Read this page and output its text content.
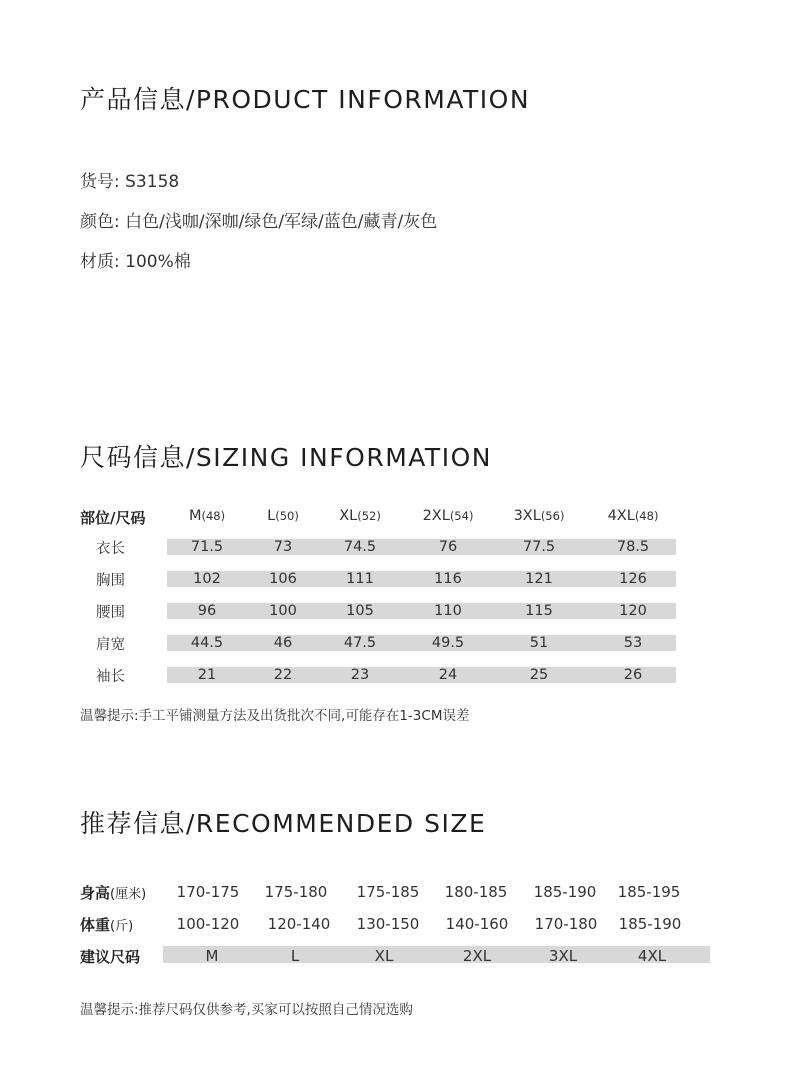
产品信息/PRODUCT INFORMATION
货号: S3158
颜色: 白色/浅咖/深咖/绿色/军绿/蓝色/藏青/灰色
材质: 100%棉
尺码信息/SIZING INFORMATION
部位/尺码	M(48)	L(50)	XL(52)	2XL(54)	3XL(56)	4XL(48)
衣长	71.5	73	74.5	76	77.5	78.5
胸围	102	106	111	116	121	126
腰围	96	100	105	110	115	120
肩宽	44.5	46	47.5	49.5	51	53
袖长	21	22	23	24	25	26
温馨提示:手工平铺测量方法及出货批次不同,可能存在1-3CM误差
推荐信息/RECOMMENDED SIZE
身高(厘米) 170-175 175-180 175-185 180-185 185-190 185-195
体重(斤)	100-120 120-140 130-150 140-160 170-180 185-190
建议尺码	M	L	XL	2XL	3XL	4XL
温馨提示:推荐尺码仅供参考,买家可以按照自己情况选购
